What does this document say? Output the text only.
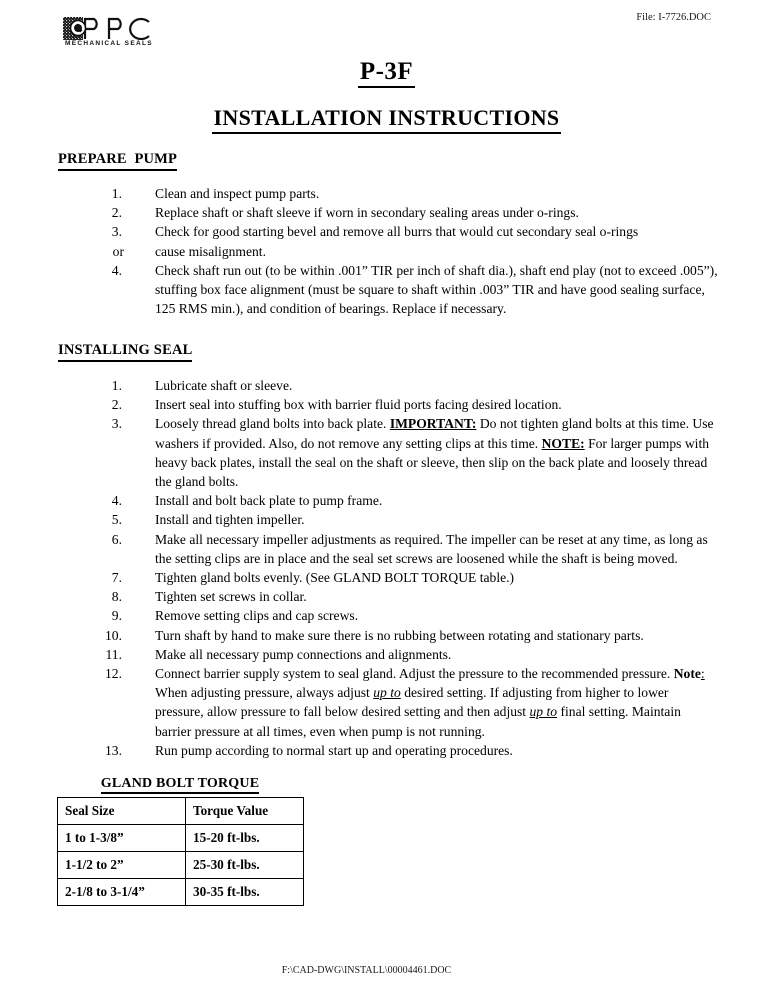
MECHANICAL SEALS
File: I-7726.DOC
P-3F
INSTALLATION INSTRUCTIONS
PREPARE  PUMP
1. Clean and inspect pump parts.
2. Replace shaft or shaft sleeve if worn in secondary sealing areas under o-rings.
3. Check for good starting bevel and remove all burrs that would cut secondary seal o-rings
or cause misalignment.
4. Check shaft run out (to be within .001” TIR per inch of shaft dia.), shaft end play (not to exceed .005”), stuffing box face alignment (must be square to shaft within .003” TIR and have good sealing surface, 125 RMS min.), and condition of bearings. Replace if necessary.
INSTALLING SEAL
1. Lubricate shaft or sleeve.
2. Insert seal into stuffing box with barrier fluid ports facing desired location.
3. Loosely thread gland bolts into back plate. IMPORTANT: Do not tighten gland bolts at this time. Use washers if provided. Also, do not remove any setting clips at this time. NOTE: For larger pumps with heavy back plates, install the seal on the shaft or sleeve, then slip on the back plate and loosely thread the gland bolts.
4. Install and bolt back plate to pump frame.
5. Install and tighten impeller.
6. Make all necessary impeller adjustments as required. The impeller can be reset at any time, as long as the setting clips are in place and the seal set screws are loosened while the shaft is being moved.
7. Tighten gland bolts evenly. (See GLAND BOLT TORQUE table.)
8. Tighten set screws in collar.
9. Remove setting clips and cap screws.
10. Turn shaft by hand to make sure there is no rubbing between rotating and stationary parts.
11. Make all necessary pump connections and alignments.
12. Connect barrier supply system to seal gland. Adjust the pressure to the recommended pressure. Note: When adjusting pressure, always adjust up to desired setting. If adjusting from higher to lower pressure, allow pressure to fall below desired setting and then adjust up to final setting. Maintain barrier pressure at all times, even when pump is not running.
13. Run pump according to normal start up and operating procedures.
GLAND BOLT TORQUE
Seal Size	Torque Value
1 to 1-3/8”	15-20 ft-lbs.
1-1/2 to 2”	25-30 ft-lbs.
2-1/8 to 3-1/4”	30-35 ft-lbs.
F:\CAD-DWG\INSTALL\00004461.DOC
